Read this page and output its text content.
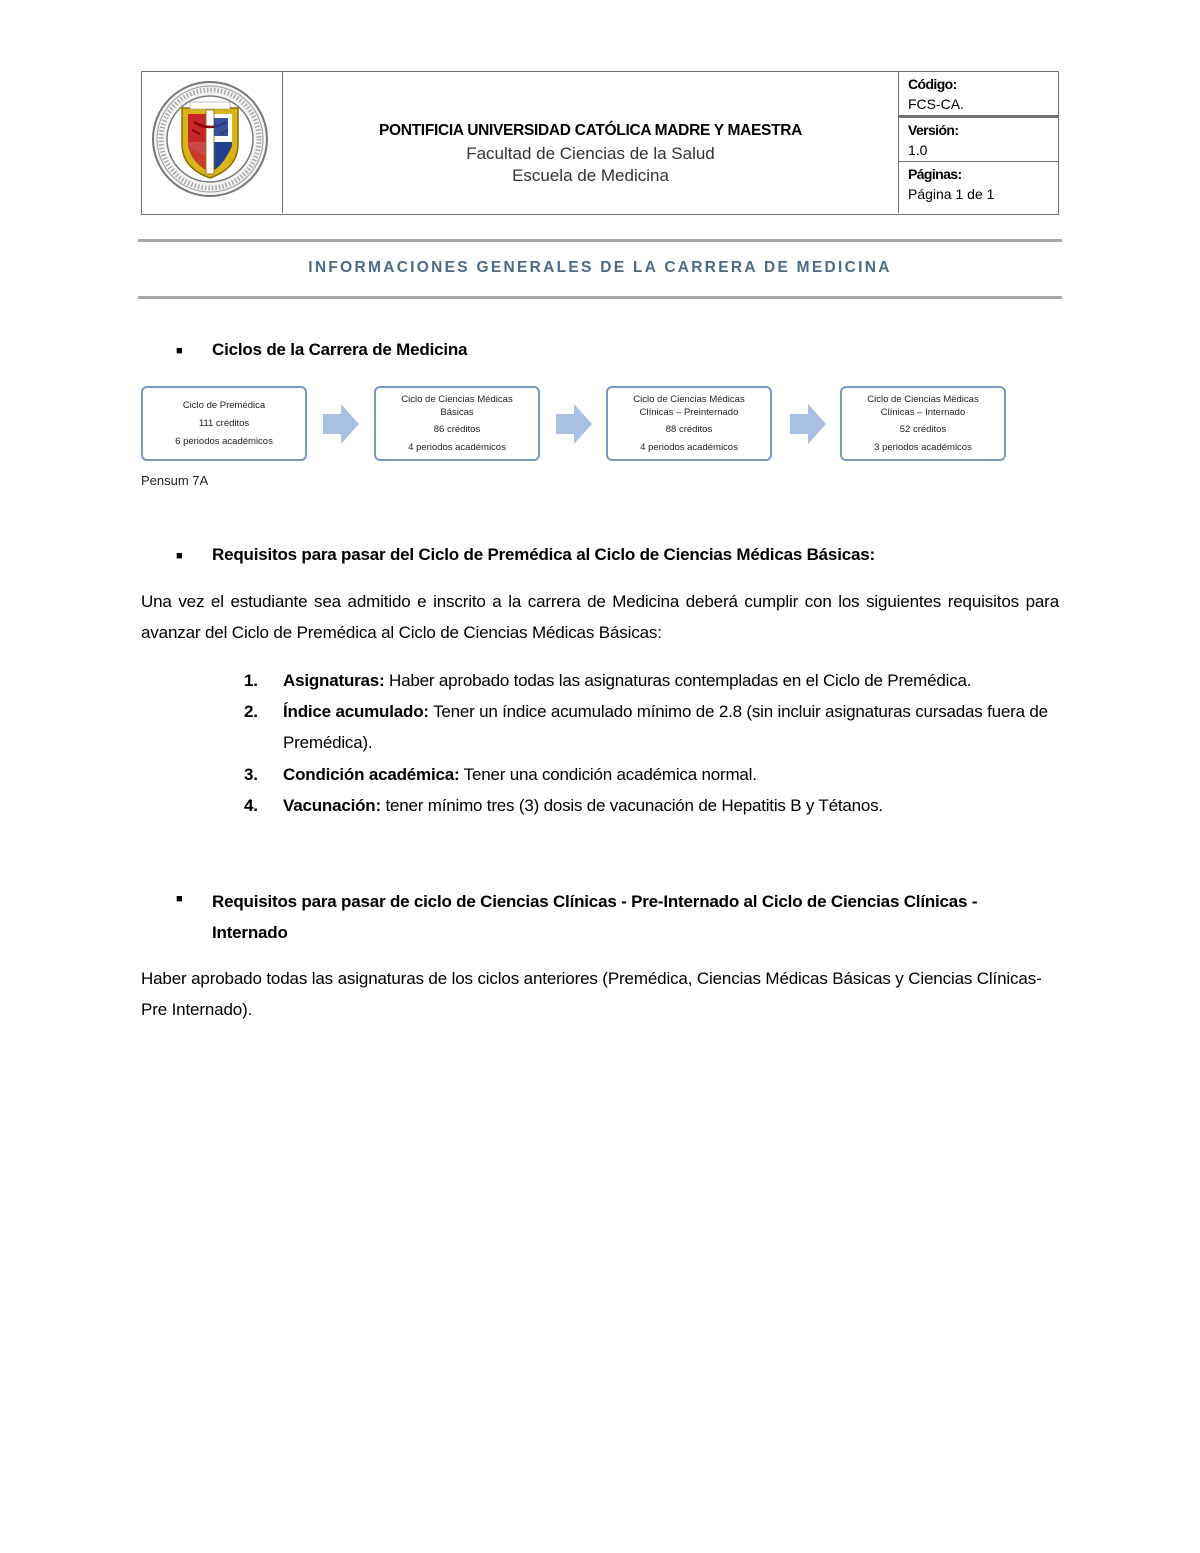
PONTIFICIA UNIVERSIDAD CATÓLICA MADRE Y MAESTRA
Facultad de Ciencias de la Salud
Escuela de Medicina
Código:
FCS-CA.
Versión:
1.0
Páginas:
Página 1 de 1
INFORMACIONES GENERALES DE LA CARRERA DE MEDICINA
■ Ciclos de la Carrera de Medicina
Ciclo de Premédica
111 créditos
6 periodos académicos
Ciclo de Ciencias Médicas Básicas
86 créditos
4 periodos académicos
Ciclo de Ciencias Médicas Clínicas – Preinternado
88 créditos
4 periodos académicos
Ciclo de Ciencias Médicas Clínicas – Internado
52 créditos
3 periodos académicos
Pensum 7A
■ Requisitos para pasar del Ciclo de Premédica al Ciclo de Ciencias Médicas Básicas:
Una vez el estudiante sea admitido e inscrito a la carrera de Medicina deberá cumplir con los siguientes requisitos para avanzar del Ciclo de Premédica al Ciclo de Ciencias Médicas Básicas:
1. Asignaturas: Haber aprobado todas las asignaturas contempladas en el Ciclo de Premédica.
2. Índice acumulado: Tener un índice acumulado mínimo de 2.8 (sin incluir asignaturas cursadas fuera de Premédica).
3. Condición académica: Tener una condición académica normal.
4. Vacunación: tener mínimo tres (3) dosis de vacunación de Hepatitis B y Tétanos.
■ Requisitos para pasar de ciclo de Ciencias Clínicas - Pre-Internado al Ciclo de Ciencias Clínicas - Internado
Haber aprobado todas las asignaturas de los ciclos anteriores (Premédica, Ciencias Médicas Básicas y Ciencias Clínicas-Pre Internado).
